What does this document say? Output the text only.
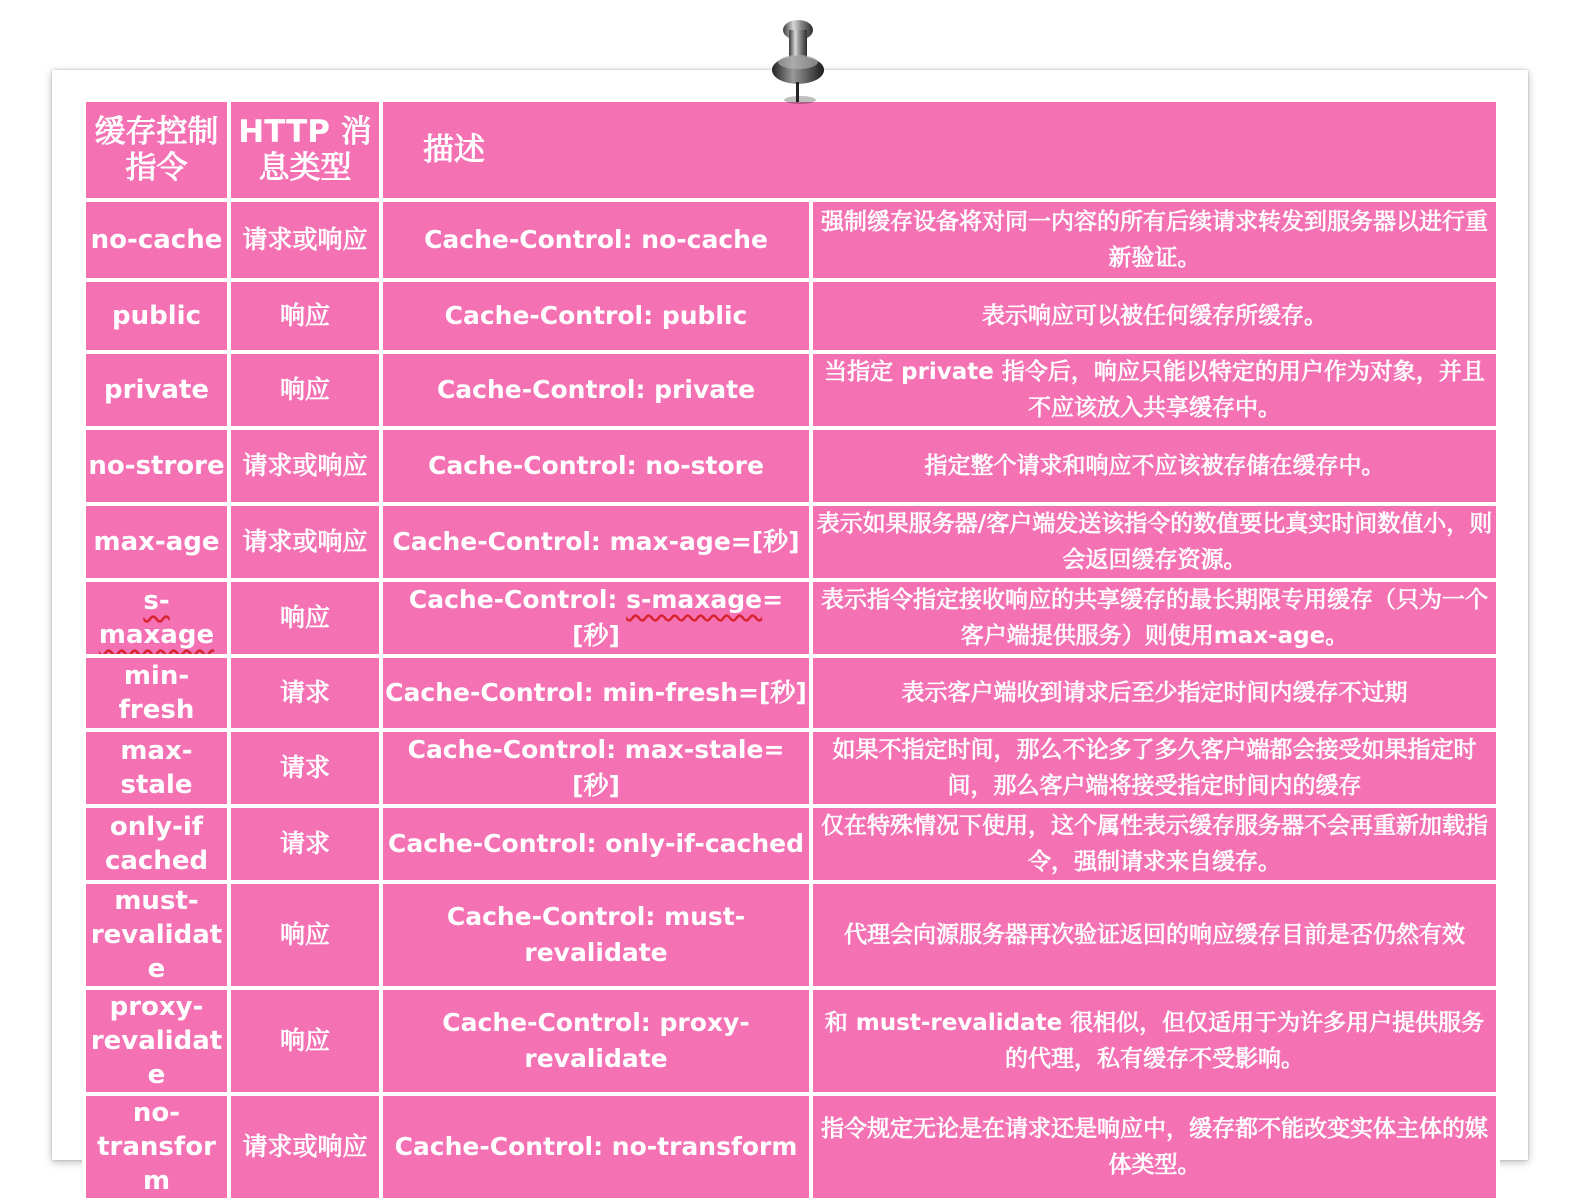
缓存控制指令	HTTP 消息类型	描述	
no-cache	请求或响应	Cache-Control: no-cache	强制缓存设备将对同一内容的所有后续请求转发到服务器以进行重新验证。
public	响应	Cache-Control: public	表示响应可以被任何缓存所缓存。
private	响应	Cache-Control: private	当指定 private 指令后，响应只能以特定的用户作为对象，并且不应该放入共享缓存中。
no-strore	请求或响应	Cache-Control: no-store	指定整个请求和响应不应该被存储在缓存中。
max-age	请求或响应	Cache-Control: max-age=[秒]	表示如果服务器/客户端发送该指令的数值要比真实时间数值小，则会返回缓存资源。
s-maxage	响应	Cache-Control: s-maxage=[秒]	表示指令指定接收响应的共享缓存的最长期限专用缓存（只为一个客户端提供服务）则使用max-age。
min-fresh	请求	Cache-Control: min-fresh=[秒]	表示客户端收到请求后至少指定时间内缓存不过期
max-stale	请求	Cache-Control: max-stale=[秒]	如果不指定时间，那么不论多了多久客户端都会接受如果指定时间，那么客户端将接受指定时间内的缓存
only-if cached	请求	Cache-Control: only-if-cached	仅在特殊情况下使用，这个属性表示缓存服务器不会再重新加载指令，强制请求来自缓存。
must-revalidate	响应	Cache-Control: must-revalidate	代理会向源服务器再次验证返回的响应缓存目前是否仍然有效
proxy-revalidate	响应	Cache-Control: proxy-revalidate	和 must-revalidate 很相似，但仅适用于为许多用户提供服务的代理，私有缓存不受影响。
no-transform	请求或响应	Cache-Control: no-transform	指令规定无论是在请求还是响应中，缓存都不能改变实体主体的媒体类型。
